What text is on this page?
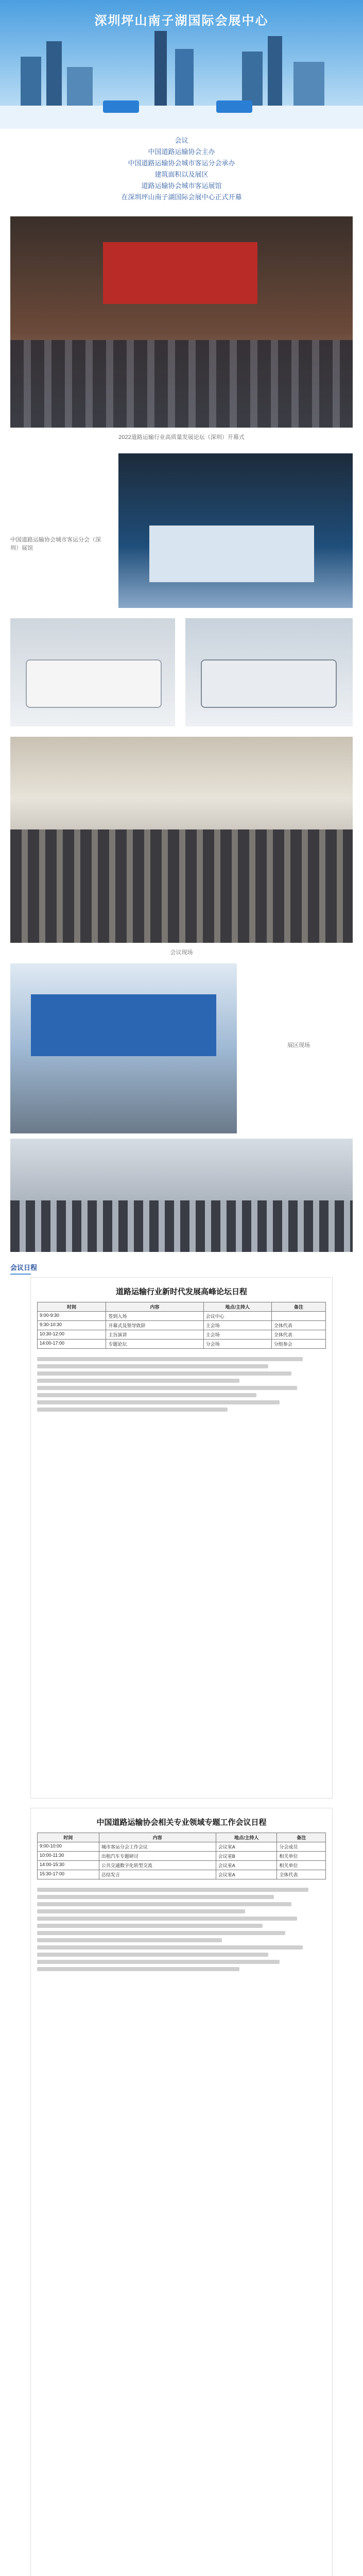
深圳坪山南子湖国际会展中心

会议

中国道路运输协会主办

中国道路运输协会城市客运分会承办

建筑面积以及展区

道路运输协会城市客运展馆

在深圳坪山南子湖国际会展中心正式开幕

2022道路运输行业高质量发展论坛（深圳）开幕式
中国道路运输协会城市客运分会（深圳）展馆
会议现场
展区现场
会议日程
道路运输行业新时代发展高峰论坛日程
时间	内容	地点/主持人	备注
9:00-9:30	签到入场	会议中心	
9:30-10:30	开幕式及领导致辞	主会场	全体代表
10:30-12:00	主旨演讲	主会场	全体代表
14:00-17:00	专题论坛	分会场	分组参会
中国道路运输协会相关专业领域专题工作会议日程
时间	内容	地点/主持人	备注
9:00-10:00	城市客运分会工作会议	会议室A	分会成员
10:00-11:30	出租汽车专题研讨	会议室B	相关单位
14:00-15:30	公共交通数字化转型交流	会议室A	相关单位
15:30-17:00	总结发言	会议室A	全体代表
